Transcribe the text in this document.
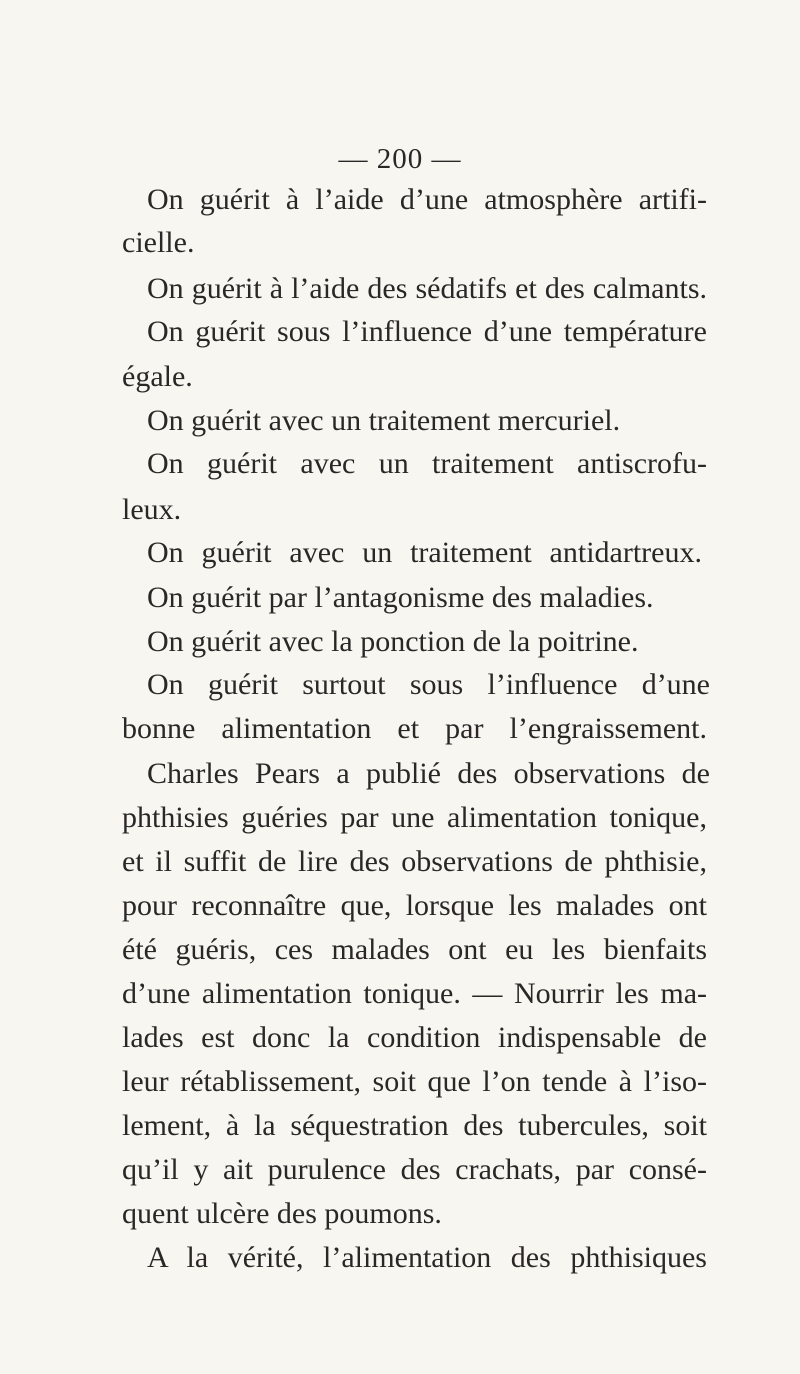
— 200 —
On guérit à l’aide d’une atmosphère artifi-
cielle.
On guérit à l’aide des sédatifs et des calmants.
On guérit sous l’influence d’une température
égale.
On guérit avec un traitement mercuriel.
On guérit avec un traitement antiscrofu-
leux.
On guérit avec un traitement antidartreux.
On guérit par l’antagonisme des maladies.
On guérit avec la ponction de la poitrine.
On guérit surtout sous l’influence d’une
bonne alimentation et par l’engraissement.
Charles Pears a publié des observations de
phthisies guéries par une alimentation tonique,
et il suffit de lire des observations de phthisie,
pour reconnaître que, lorsque les malades ont
été guéris, ces malades ont eu les bienfaits
d’une alimentation tonique. — Nourrir les ma-
lades est donc la condition indispensable de
leur rétablissement, soit que l’on tende à l’iso-
lement, à la séquestration des tubercules, soit
qu’il y ait purulence des crachats, par consé-
quent ulcère des poumons.
A la vérité, l’alimentation des phthisiques
